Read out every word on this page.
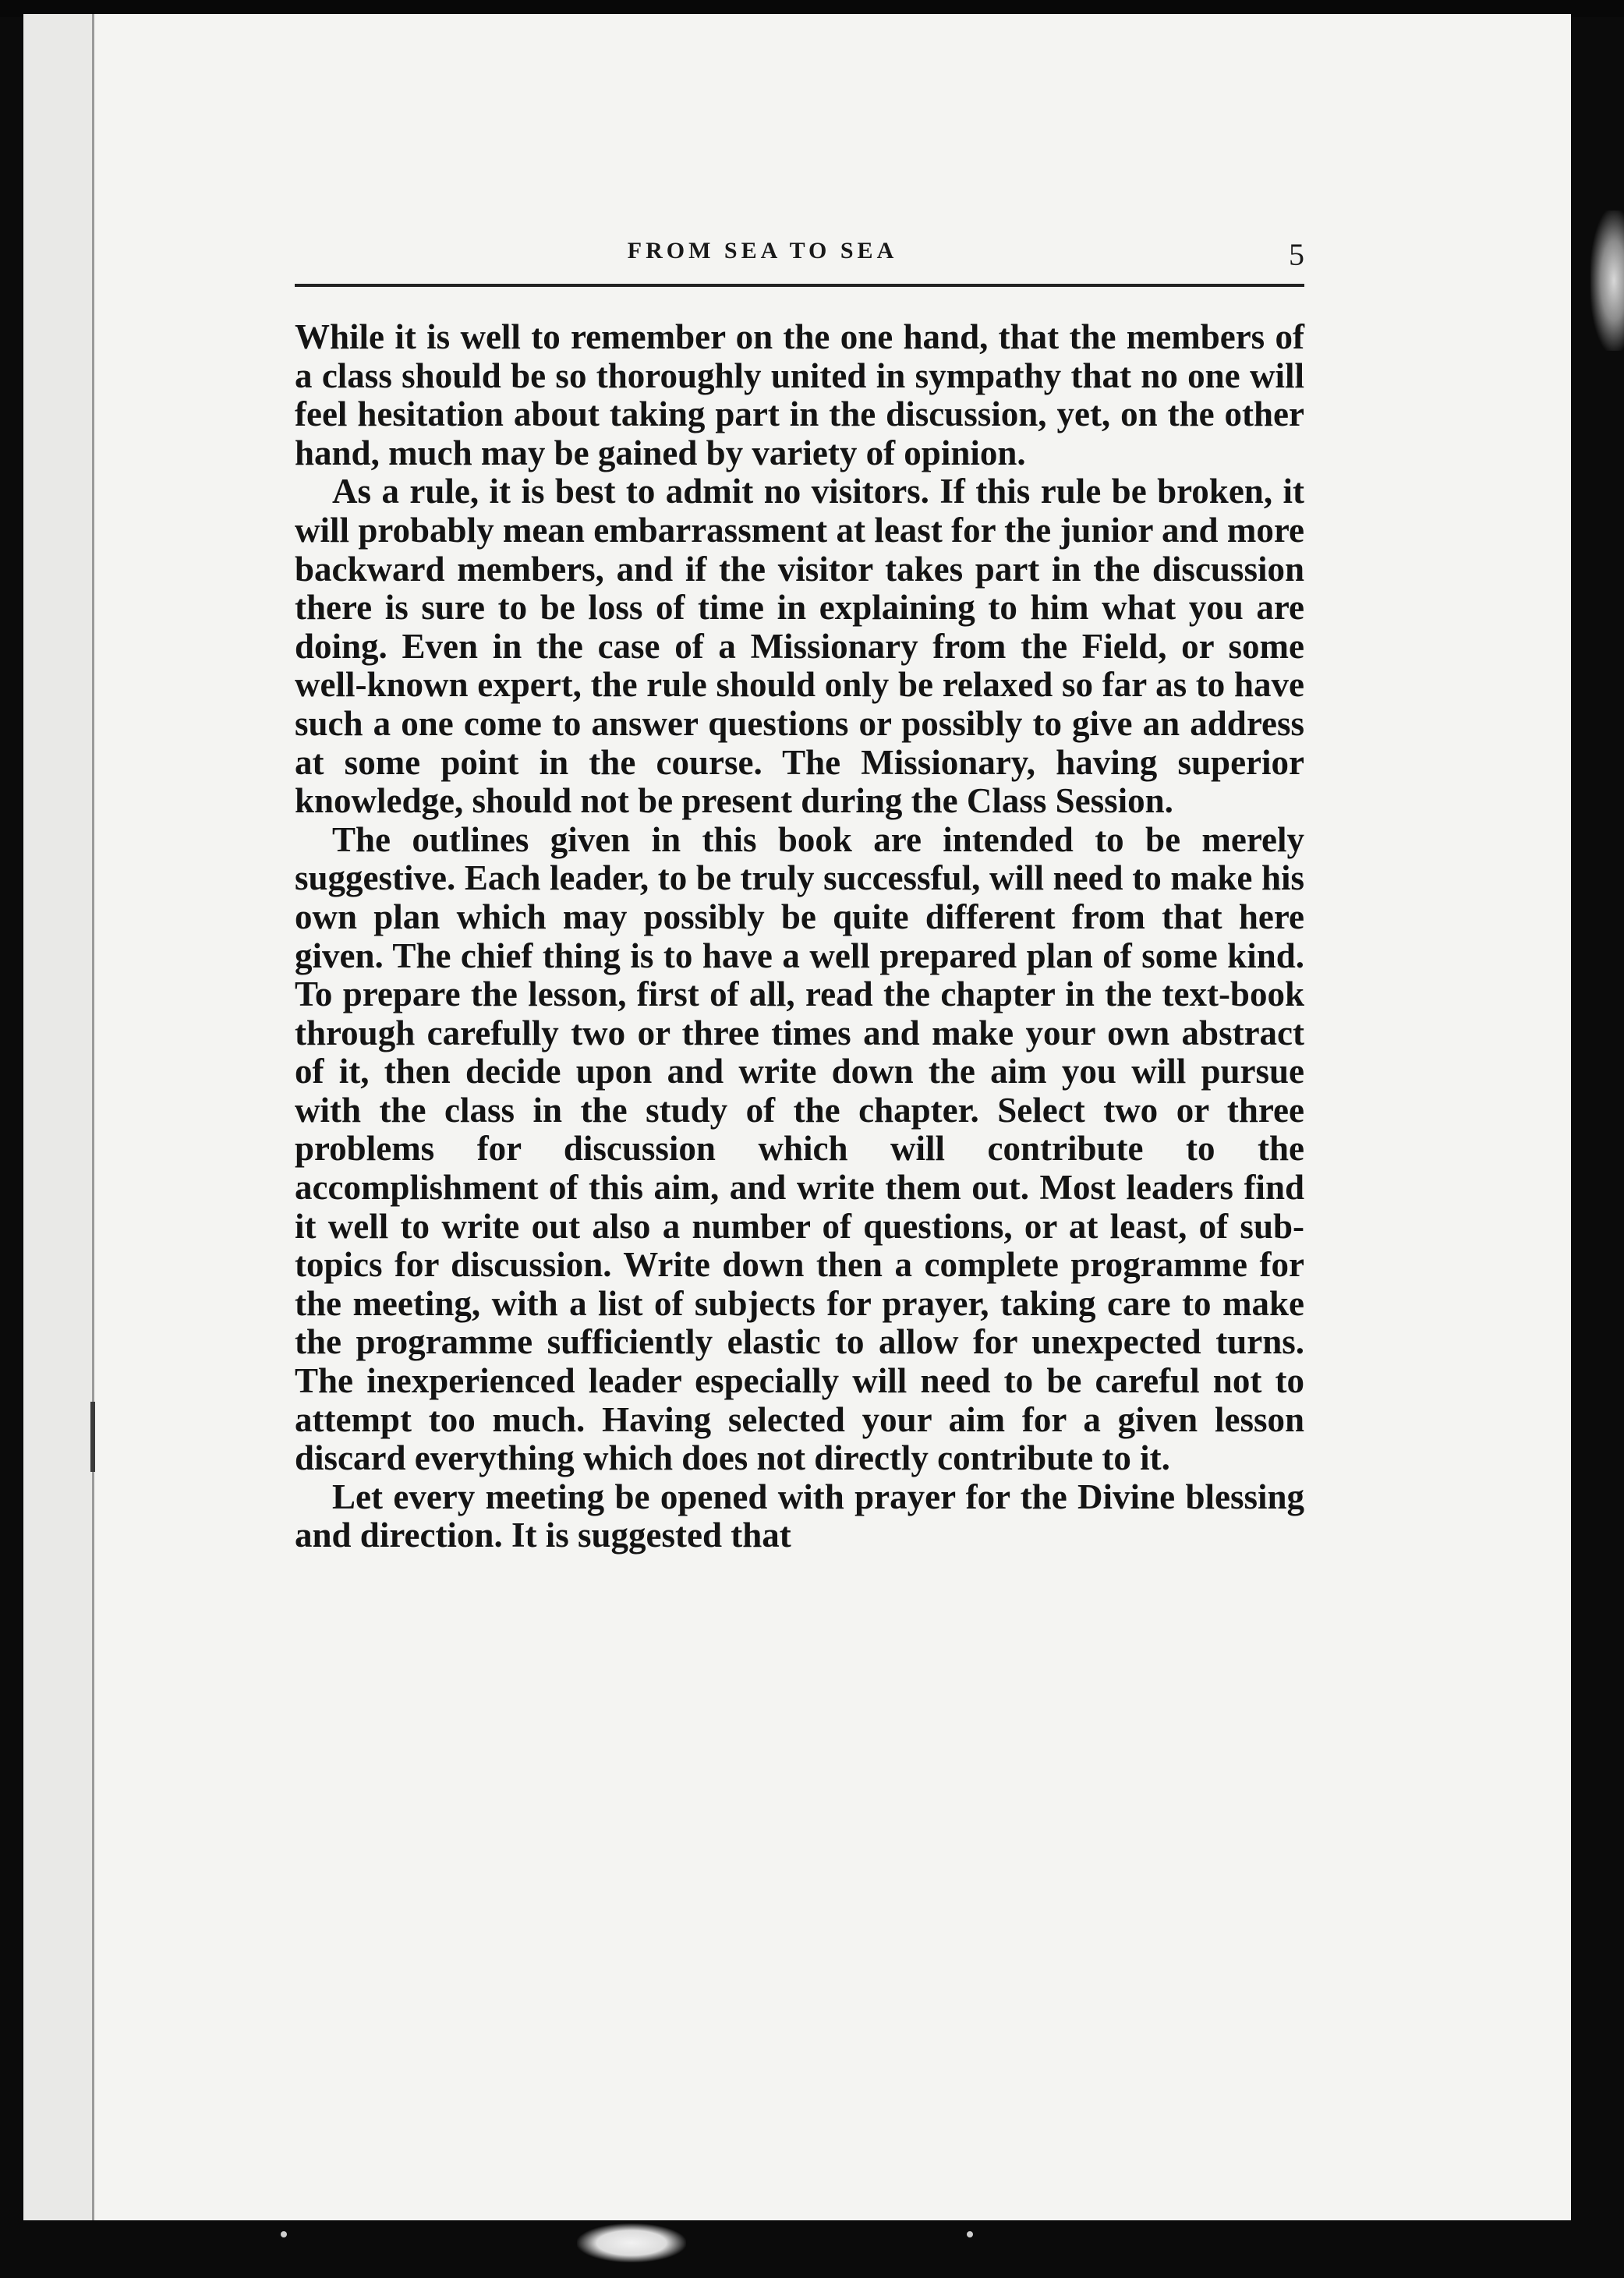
FROM SEA TO SEA	5

While it is well to remember on the one hand, that the members of a class should be so thoroughly united in sympathy that no one will feel hesitation about taking part in the discussion, yet, on the other hand, much may be gained by variety of opinion.

As a rule, it is best to admit no visitors. If this rule be broken, it will probably mean embarrassment at least for the junior and more backward members, and if the visitor takes part in the discussion there is sure to be loss of time in explaining to him what you are doing. Even in the case of a Missionary from the Field, or some well-known expert, the rule should only be relaxed so far as to have such a one come to answer questions or possibly to give an address at some point in the course. The Missionary, having superior knowledge, should not be present during the Class Session.

The outlines given in this book are intended to be merely suggestive. Each leader, to be truly successful, will need to make his own plan which may possibly be quite different from that here given. The chief thing is to have a well prepared plan of some kind. To prepare the lesson, first of all, read the chapter in the text-book through carefully two or three times and make your own abstract of it, then decide upon and write down the aim you will pursue with the class in the study of the chapter. Select two or three problems for discussion which will contribute to the accomplishment of this aim, and write them out. Most leaders find it well to write out also a number of questions, or at least, of sub-topics for discussion. Write down then a complete programme for the meeting, with a list of subjects for prayer, taking care to make the programme sufficiently elastic to allow for unexpected turns. The inexperienced leader especially will need to be careful not to attempt too much. Having selected your aim for a given lesson discard everything which does not directly contribute to it.

Let every meeting be opened with prayer for the Divine blessing and direction. It is suggested that
